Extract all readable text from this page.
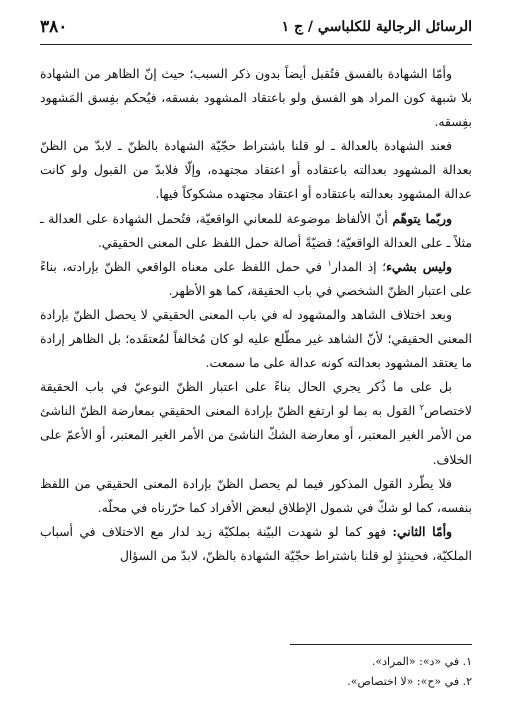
الرسائل الرجالية للكلباسي / ج ١
٣٨٠

وأمّا الشهادة بالفسق فتُقبل أيضاً بدون ذكر السبب؛ حيث إنّ الظاهر من الشهادة بلا شبهة كون المراد هو الفسق ولو باعتقاد المشهود بفسقه، فيُحكم بفِسق المَشهود بفِسقه.

فعند الشهادة بالعدالة ـ لو قلنا باشتراط حجّيّة الشهادة بالظنّ ـ لابدّ من الظنّ بعدالة المشهود بعدالته باعتقاده أو اعتقاد مجتهده، وإلّا فلابدّ من القبول ولو كانت عدالة المشهود بعدالته باعتقاده أو اعتقاد مجتهده مشكوكاً فيها.

وربّما يتوهّم أنّ الألفاظ موضوعة للمعاني الواقعيّة، فتُحمل الشهادة على العدالة ـ مثلاً ـ على العدالة الواقعيّة؛ قضيّةً أصالة حمل اللفظ على المعنى الحقيقي.

وليس بشيء؛ إذ المدار$^١$ في حمل اللفظ على معناه الواقعي الظنّ بإرادته، بناءً على اعتبار الظنّ الشخصي في باب الحقيقة، كما هو الأظهر.

وبعد اختلاف الشاهد والمشهود له في باب المعنى الحقيقي لا يحصل الظنّ بإرادة المعنى الحقيقي؛ لأنّ الشاهد غير مطّلع عليه لو كان مُخالفاً لمُعتقَده؛ بل الظاهر إرادة ما يعتقد المشهود بعدالته كونه عدالة على ما سمعت.

بل على ما ذُكر يجري الحال بناءً على اعتبار الظنّ النوعيّ في باب الحقيقة لاختصاص$^٢$ القول به بما لو ارتفع الظنّ بإرادة المعنى الحقيقي بمعارضة الظنّ الناشئ من الأمر الغير المعتبر، أو معارضة الشكّ الناشئ من الأمر الغير المعتبر، أو الأعمّ على الخلاف.

فلا يطّرد القول المذكور فيما لم يحصل الظنّ بإرادة المعنى الحقيقي من اللفظ بنفسه، كما لو شكّ في شمول الإطلاق لبعض الأفراد كما حرّرناه في محلّه.

وأمّا الثاني: فهو كما لو شهدت البيّنة بملكيّة زيد لدار مع الاختلاف في أسباب الملكيّة، فحينئذٍ لو قلنا باشتراط حجّيّة الشهادة بالظنّ، لابدّ من السؤال

١. في «د»: «المراد».
٢. في «ح»: «لا اختصاص».
